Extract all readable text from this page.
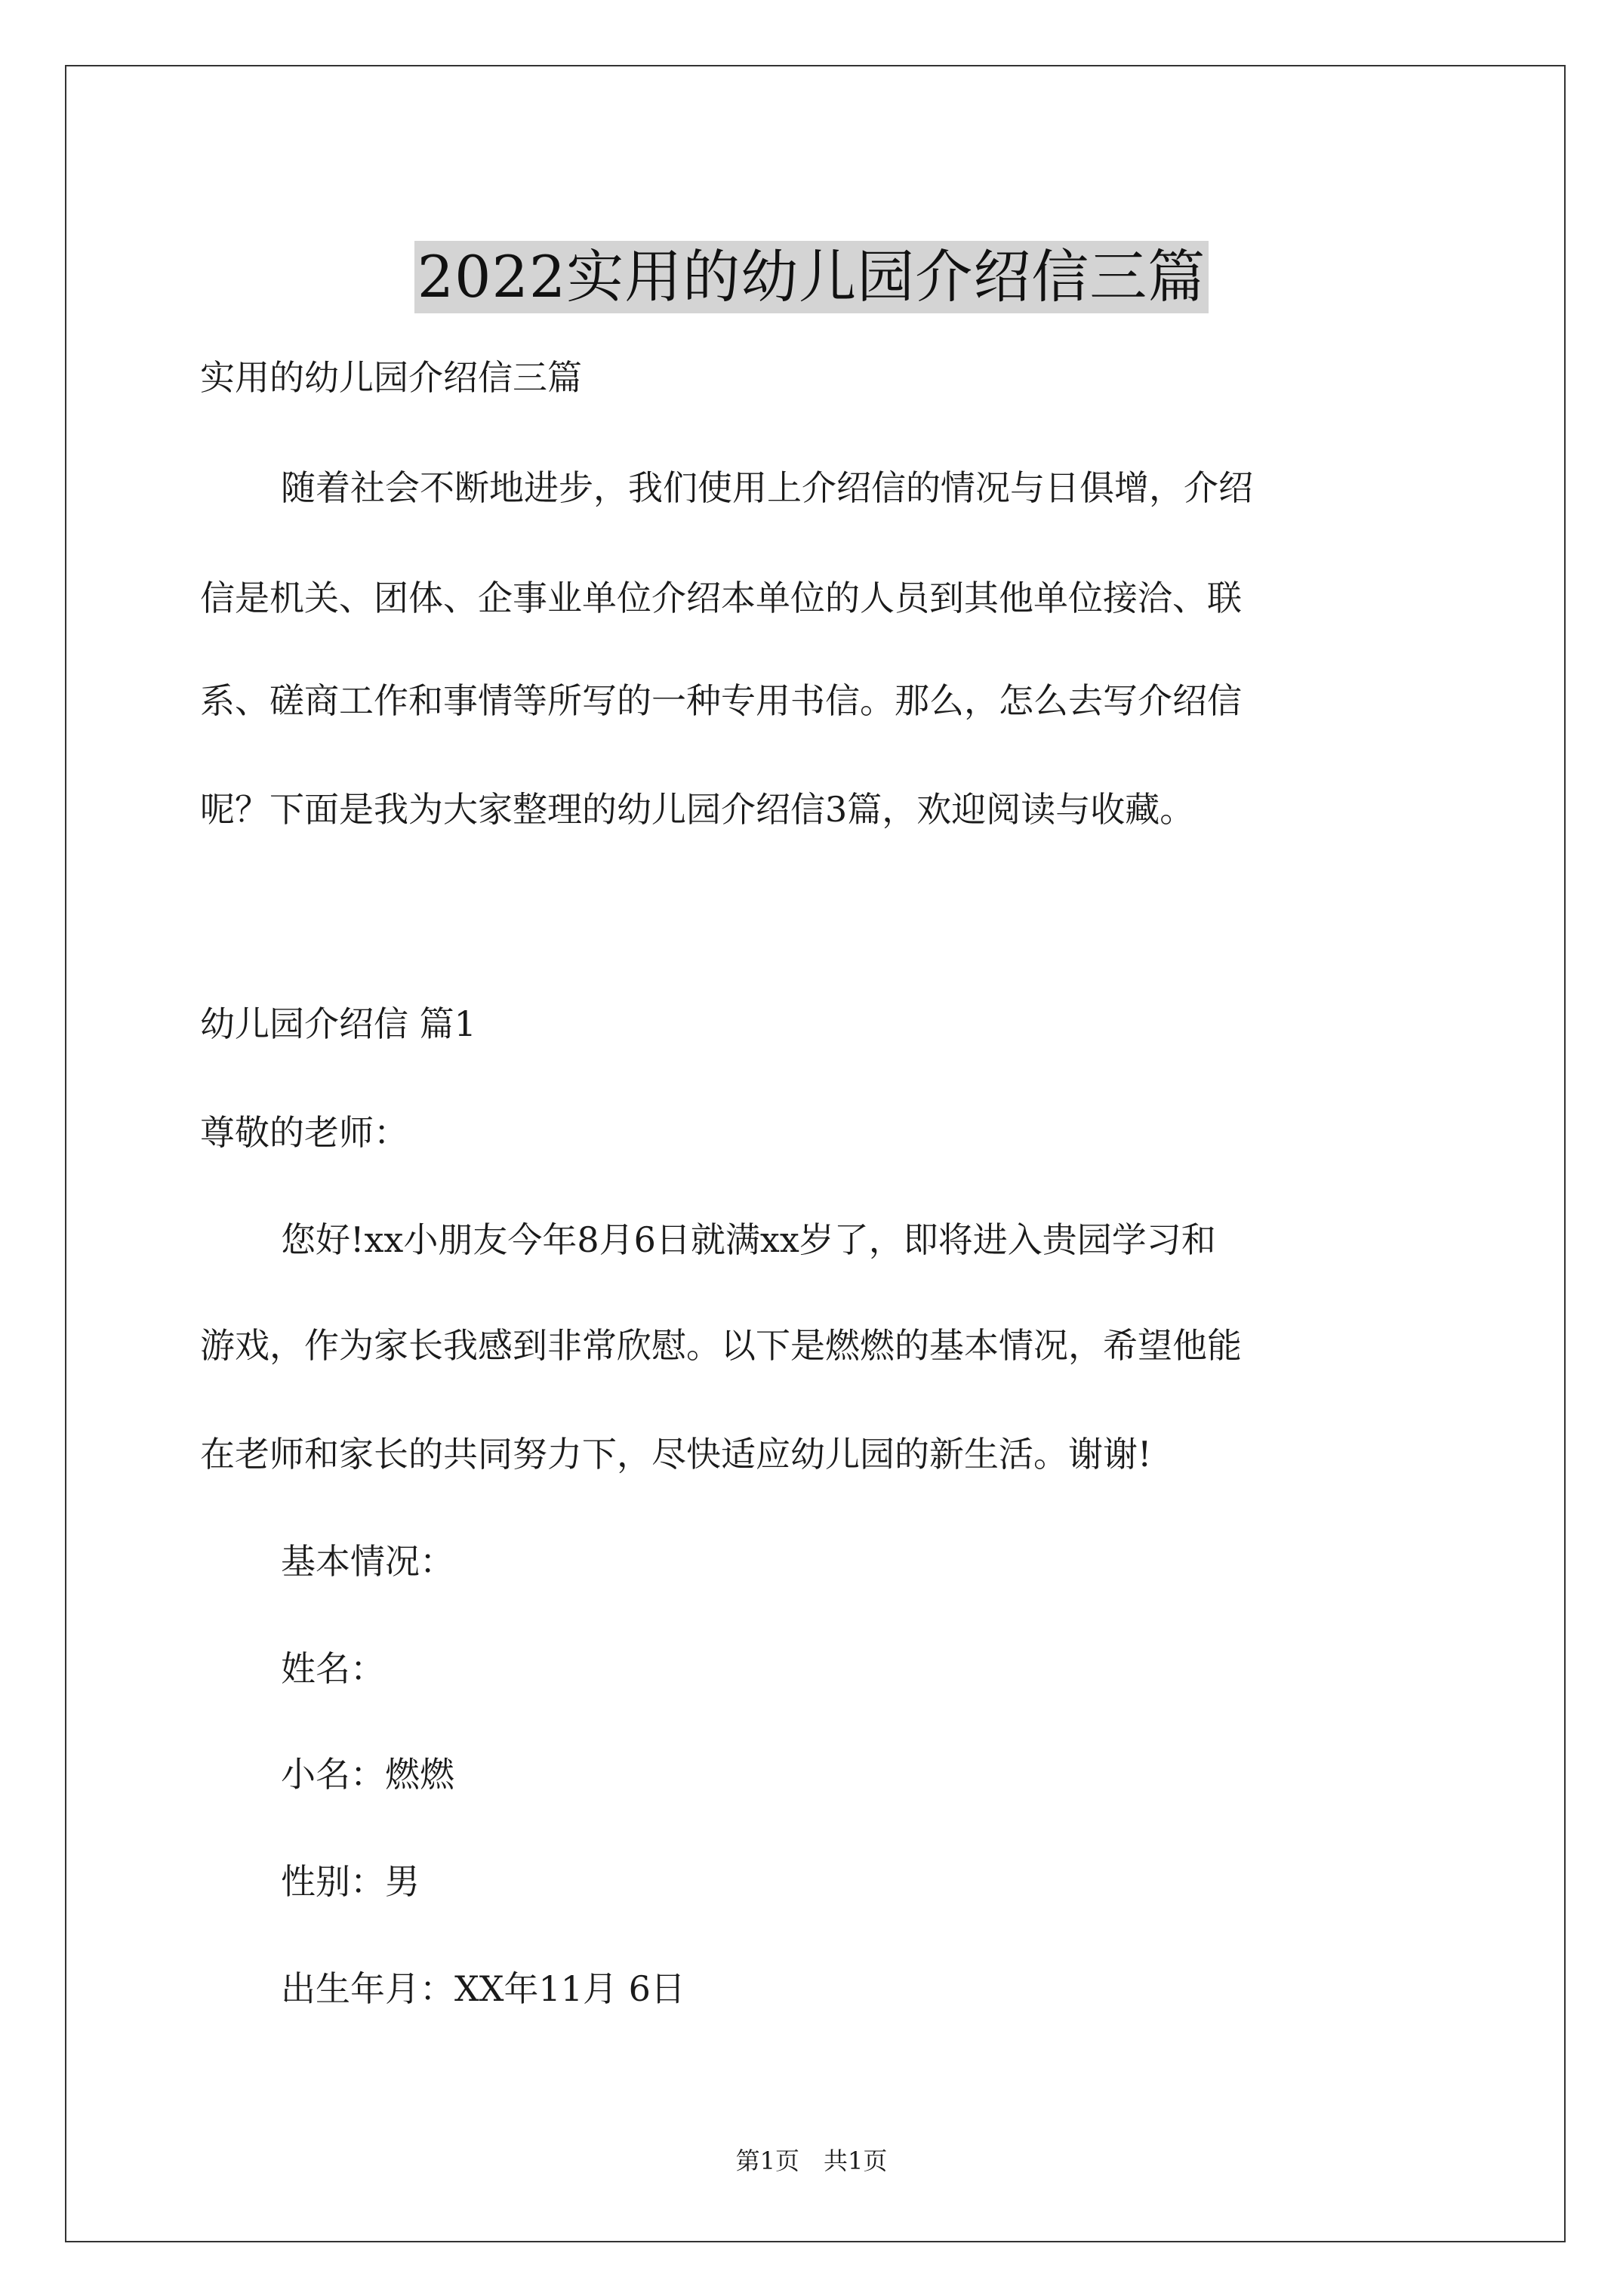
2022实用的幼儿园介绍信三篇
实用的幼儿园介绍信三篇
随着社会不断地进步，我们使用上介绍信的情况与日俱增，介绍
信是机关、团体、企事业单位介绍本单位的人员到其他单位接洽、联
系、磋商工作和事情等所写的一种专用书信。那么，怎么去写介绍信
呢？下面是我为大家整理的幼儿园介绍信3篇，欢迎阅读与收藏。
幼儿园介绍信 篇1
尊敬的老师：
您好!xx小朋友今年8月6日就满xx岁了，即将进入贵园学习和
游戏，作为家长我感到非常欣慰。以下是燃燃的基本情况，希望他能
在老师和家长的共同努力下，尽快适应幼儿园的新生活。谢谢!
基本情况：
姓名：
小名：燃燃
性别：男
出生年月：XX年11月 6日
第1页　共1页
